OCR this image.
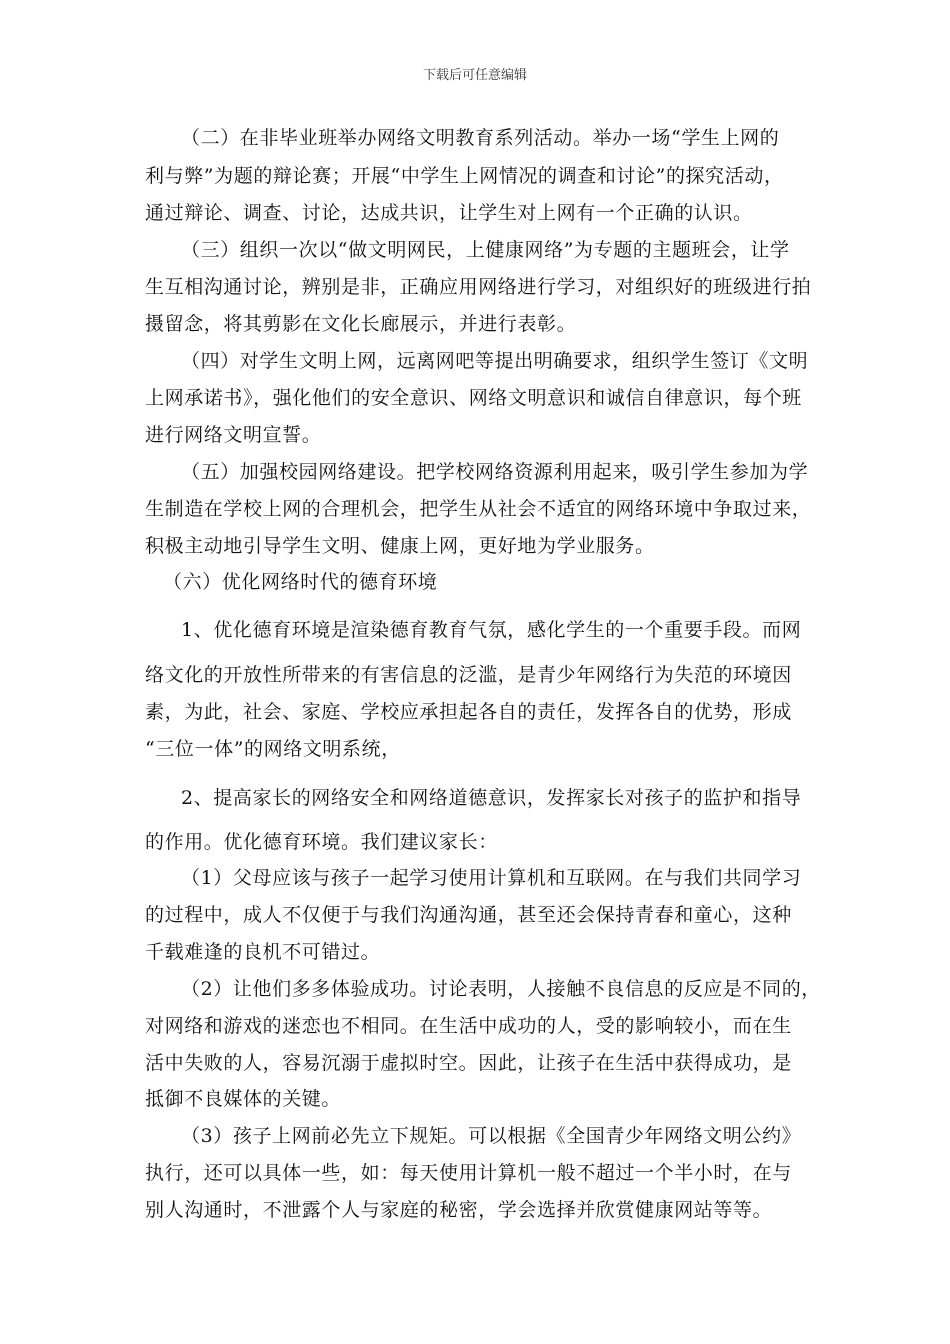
下载后可任意编辑
（二）在非毕业班举办网络文明教育系列活动。举办一场“学生上网的
利与弊”为题的辩论赛；开展“中学生上网情况的调查和讨论”的探究活动，
通过辩论、调查、讨论，达成共识，让学生对上网有一个正确的认识。
（三）组织一次以“做文明网民，上健康网络”为专题的主题班会，让学
生互相沟通讨论，辨别是非，正确应用网络进行学习，对组织好的班级进行拍
摄留念，将其剪影在文化长廊展示，并进行表彰。
（四）对学生文明上网，远离网吧等提出明确要求，组织学生签订《文明
上网承诺书》，强化他们的安全意识、网络文明意识和诚信自律意识，每个班
进行网络文明宣誓。
（五）加强校园网络建设。把学校网络资源利用起来，吸引学生参加为学
生制造在学校上网的合理机会，把学生从社会不适宜的网络环境中争取过来，
积极主动地引导学生文明、健康上网，更好地为学业服务。
（六）优化网络时代的德育环境
1、优化德育环境是渲染德育教育气氛，感化学生的一个重要手段。而网
络文化的开放性所带来的有害信息的泛滥，是青少年网络行为失范的环境因
素，为此，社会、家庭、学校应承担起各自的责任，发挥各自的优势，形成
“三位一体”的网络文明系统，
2、提高家长的网络安全和网络道德意识，发挥家长对孩子的监护和指导
的作用。优化德育环境。我们建议家长：
（1）父母应该与孩子一起学习使用计算机和互联网。在与我们共同学习
的过程中，成人不仅便于与我们沟通沟通，甚至还会保持青春和童心，这种
千载难逢的良机不可错过。
（2）让他们多多体验成功。讨论表明，人接触不良信息的反应是不同的，
对网络和游戏的迷恋也不相同。在生活中成功的人，受的影响较小，而在生
活中失败的人，容易沉溺于虚拟时空。因此，让孩子在生活中获得成功，是
抵御不良媒体的关键。
（3）孩子上网前必先立下规矩。可以根据《全国青少年网络文明公约》
执行，还可以具体一些，如：每天使用计算机一般不超过一个半小时，在与
别人沟通时，不泄露个人与家庭的秘密，学会选择并欣赏健康网站等等。
